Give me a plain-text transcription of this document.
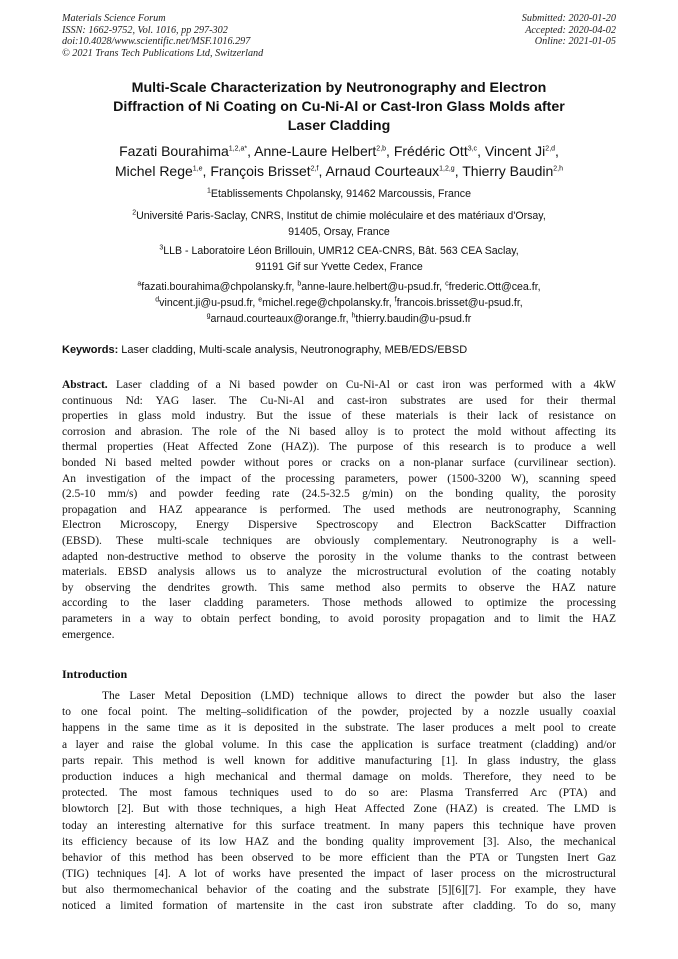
Materials Science Forum
ISSN: 1662-9752, Vol. 1016, pp 297-302
doi:10.4028/www.scientific.net/MSF.1016.297
© 2021 Trans Tech Publications Ltd, Switzerland
Submitted: 2020-01-20
Accepted: 2020-04-02
Online: 2021-01-05
Multi-Scale Characterization by Neutronography and Electron
Diffraction of Ni Coating on Cu-Ni-Al or Cast-Iron Glass Molds after
Laser Cladding
Fazati Bourahima$^{1,2,a*}$, Anne-Laure Helbert$^{2,b}$, Frédéric Ott$^{3,c}$, Vincent Ji$^{2,d}$,
Michel Rege$^{1,e}$, François Brisset$^{2,f}$, Arnaud Courteaux$^{1,2,g}$, Thierry Baudin$^{2,h}$
$^1$Etablissements Chpolansky, 91462 Marcoussis, France
$^2$Université Paris-Saclay, CNRS, Institut de chimie moléculaire et des matériaux d'Orsay,
91405, Orsay, France
$^3$LLB - Laboratoire Léon Brillouin, UMR12 CEA-CNRS, Bât. 563 CEA Saclay,
91191 Gif sur Yvette Cedex, France
$^a$fazati.bourahima@chpolansky.fr, $^b$anne-laure.helbert@u-psud.fr, $^c$frederic.Ott@cea.fr,
$^d$vincent.ji@u-psud.fr, $^e$michel.rege@chpolansky.fr, $^f$francois.brisset@u-psud.fr,
$^g$arnaud.courteaux@orange.fr, $^h$thierry.baudin@u-psud.fr
Keywords: Laser cladding, Multi-scale analysis, Neutronography, MEB/EDS/EBSD
Abstract. Laser cladding of a Ni based powder on Cu-Ni-Al or cast iron was performed with a 4kW
continuous Nd: YAG laser. The Cu-Ni-Al and cast-iron substrates are used for their thermal
properties in glass mold industry. But the issue of these materials is their lack of resistance on
corrosion and abrasion. The role of the Ni based alloy is to protect the mold without affecting its
thermal properties (Heat Affected Zone (HAZ)). The purpose of this research is to produce a well
bonded Ni based melted powder without pores or cracks on a non-planar surface (curvilinear section).
An investigation of the impact of the processing parameters, power (1500-3200 W), scanning speed
(2.5-10 mm/s) and powder feeding rate (24.5-32.5 g/min) on the bonding quality, the porosity
propagation and HAZ appearance is performed. The used methods are neutronography, Scanning
Electron Microscopy, Energy Dispersive Spectroscopy and Electron BackScatter Diffraction
(EBSD). These multi-scale techniques are obviously complementary. Neutronography is a well-
adapted non-destructive method to observe the porosity in the volume thanks to the contrast between
materials. EBSD analysis allows us to analyze the microstructural evolution of the coating notably
by observing the dendrites growth. This same method also permits to observe the HAZ nature
according to the laser cladding parameters. Those methods allowed to optimize the processing
parameters in a way to obtain perfect bonding, to avoid porosity propagation and to limit the HAZ
emergence.
Introduction
The Laser Metal Deposition (LMD) technique allows to direct the powder but also the laser
to one focal point. The melting–solidification of the powder, projected by a nozzle usually coaxial
happens in the same time as it is deposited in the substrate. The laser produces a melt pool to create
a layer and raise the global volume. In this case the application is surface treatment (cladding) and/or
parts repair. This method is well known for additive manufacturing [1]. In glass industry, the glass
production induces a high mechanical and thermal damage on molds. Therefore, they need to be
protected. The most famous techniques used to do so are: Plasma Transferred Arc (PTA) and
blowtorch [2]. But with those techniques, a high Heat Affected Zone (HAZ) is created. The LMD is
today an interesting alternative for this surface treatment. In many papers this technique have proven
its efficiency because of its low HAZ and the bonding quality improvement [3]. Also, the mechanical
behavior of this method has been observed to be more efficient than the PTA or Tungsten Inert Gaz
(TIG) techniques [4]. A lot of works have presented the impact of laser process on the microstructural
but also thermomechanical behavior of the coating and the substrate [5][6][7]. For example, they have
noticed a limited formation of martensite in the cast iron substrate after cladding. To do so, many
